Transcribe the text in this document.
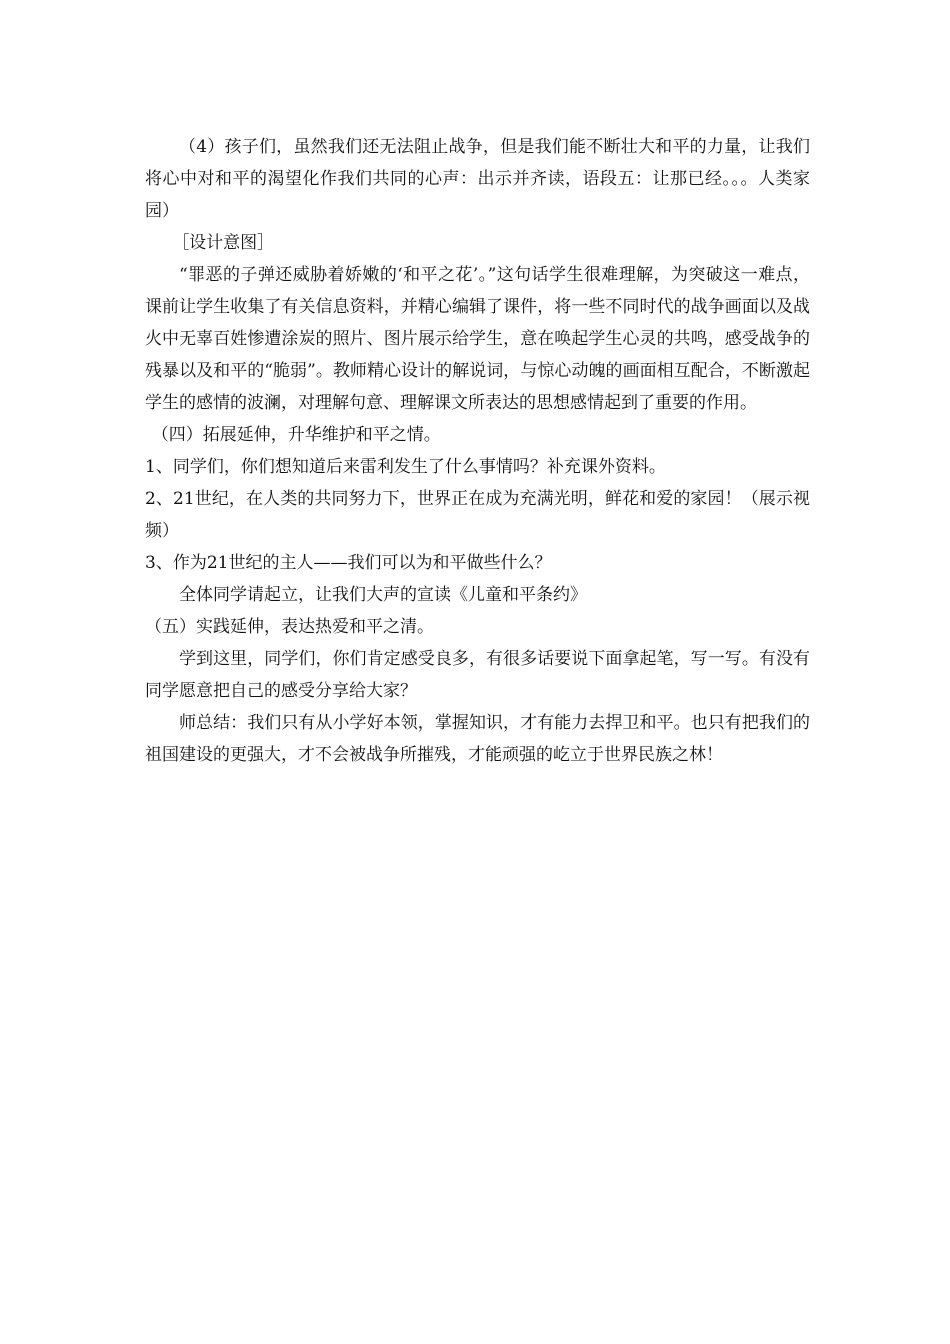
（4）孩子们，虽然我们还无法阻止战争，但是我们能不断壮大和平的力量，让我们将心中对和平的渴望化作我们共同的心声：出示并齐读，语段五：让那已经。。。人类家园）

［设计意图］

“罪恶的子弹还威胁着娇嫩的‘和平之花’。”这句话学生很难理解，为突破这一难点，课前让学生收集了有关信息资料，并精心编辑了课件，将一些不同时代的战争画面以及战火中无辜百姓惨遭涂炭的照片、图片展示给学生，意在唤起学生心灵的共鸣，感受战争的残暴以及和平的“脆弱”。教师精心设计的解说词，与惊心动魄的画面相互配合，不断激起学生的感情的波澜，对理解句意、理解课文所表达的思想感情起到了重要的作用。

（四）拓展延伸，升华维护和平之情。

1、同学们，你们想知道后来雷利发生了什么事情吗？补充课外资料。

2、21世纪，在人类的共同努力下，世界正在成为充满光明，鲜花和爱的家园！（展示视频）

3、作为21世纪的主人——我们可以为和平做些什么？

全体同学请起立，让我们大声的宣读《儿童和平条约》

（五）实践延伸，表达热爱和平之清。

学到这里，同学们，你们肯定感受良多，有很多话要说下面拿起笔，写一写。有没有同学愿意把自己的感受分享给大家？

师总结：我们只有从小学好本领，掌握知识，才有能力去捍卫和平。也只有把我们的祖国建设的更强大，才不会被战争所摧残，才能顽强的屹立于世界民族之林！
